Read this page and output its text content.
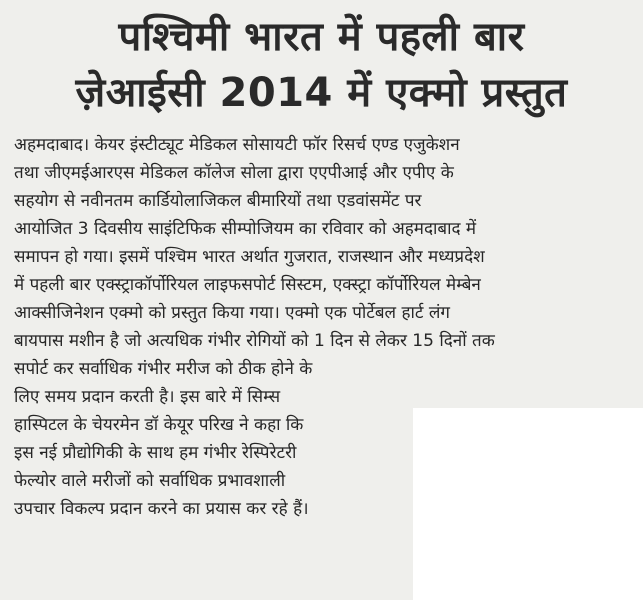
पश्चिमी भारत में पहली बार
ज़ेआईसी 2014 में एक्मो प्रस्तुत
अहमदाबाद। केयर इंस्टीट्यूट मेडिकल सोसायटी फॉर रिसर्च एण्ड एजुकेशन
तथा जीएमईआरएस मेडिकल कॉलेज सोला द्वारा एएपीआई और एपीए के
सहयोग से नवीनतम कार्डियोलाजिकल बीमारियों तथा एडवांसमेंट पर
आयोजित 3 दिवसीय साइंटिफिक सीम्पोजियम का रविवार को अहमदाबाद में
समापन हो गया। इसमें पश्चिम भारत अर्थात गुजरात, राजस्थान और मध्यप्रदेश
में पहली बार एक्स्ट्राकॉर्पोरियल लाइफसपोर्ट सिस्टम, एक्स्ट्रा कॉर्पोरियल मेम्बेन
आक्सीजिनेशन एक्मो को प्रस्तुत किया गया। एक्मो एक पोर्टेबल हार्ट लंग
बायपास मशीन है जो अत्यधिक गंभीर रोगियों को 1 दिन से लेकर 15 दिनों तक
सपोर्ट कर सर्वाधिक गंभीर मरीज को ठीक होने के
लिए समय प्रदान करती है। इस बारे में सिम्स
हास्पिटल के चेयरमेन डॉ केयूर परिख ने कहा कि
इस नई प्रौद्योगिकी के साथ हम गंभीर रेस्पिरेटरी
फेल्योर वाले मरीजों को सर्वाधिक प्रभावशाली
उपचार विकल्प प्रदान करने का प्रयास कर रहे हैं।
